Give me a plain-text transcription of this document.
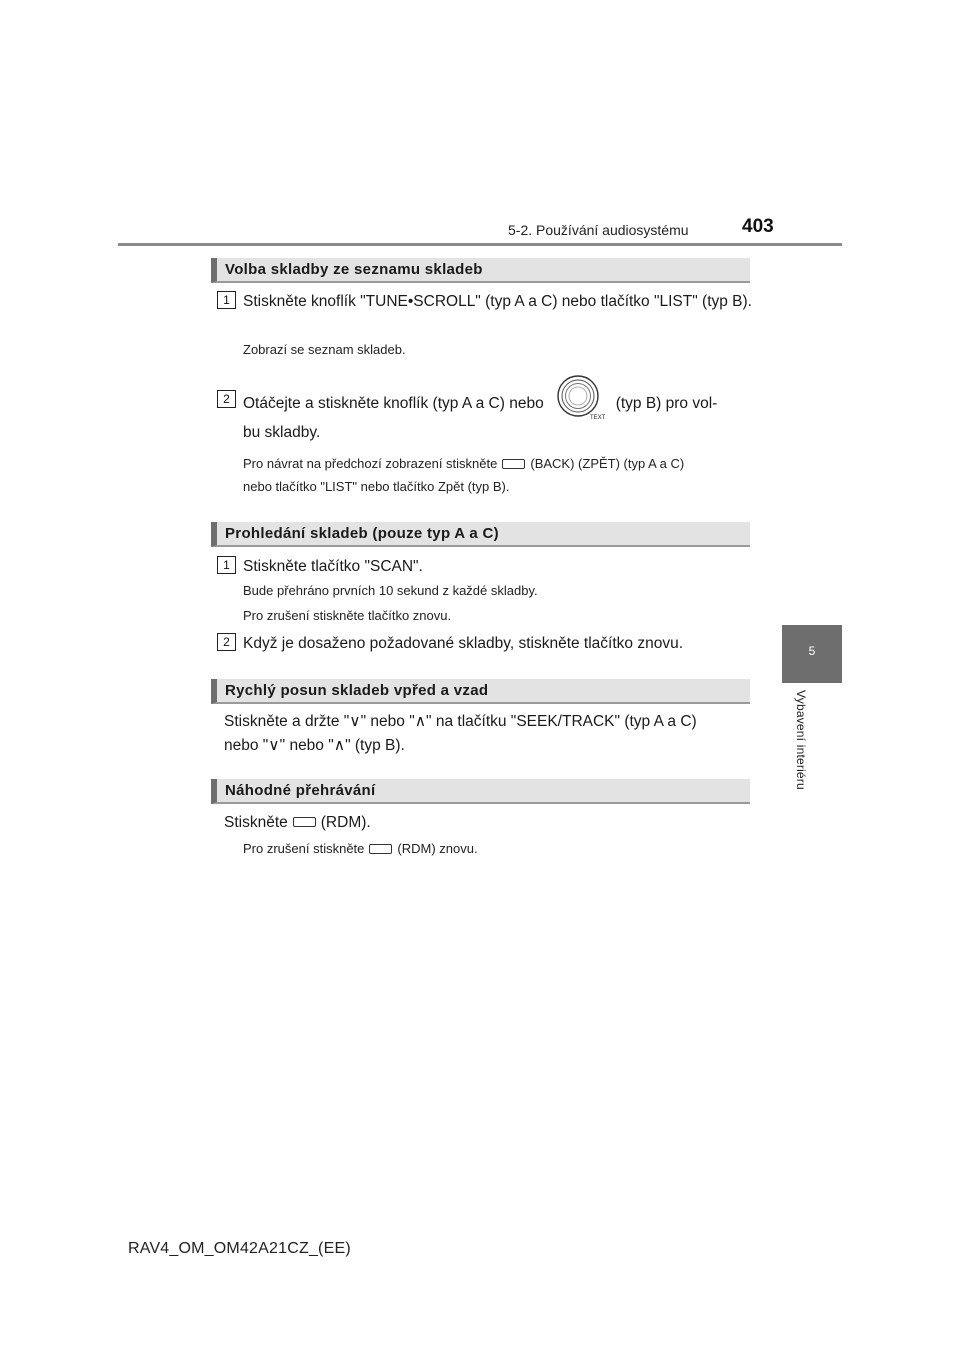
5-2. Používání audiosystému	403
5
Vybavení interiéru
Volba skladby ze seznamu skladeb
1 Stiskněte knoflík "TUNE•SCROLL" (typ A a C) nebo tlačítko "LIST" (typ B).
Zobrazí se seznam skladeb.
2 Otáčejte a stiskněte knoflík (typ A a C) nebo
TEXT
(typ B) pro vol-
bu skladby.
Pro návrat na předchozí zobrazení stiskněte	(BACK) (ZPĚT) (typ A a C)
nebo tlačítko "LIST" nebo tlačítko Zpět (typ B).
Prohledání skladeb (pouze typ A a C)
1 Stiskněte tlačítko "SCAN".
Bude přehráno prvních 10 sekund z každé skladby.
Pro zrušení stiskněte tlačítko znovu.
2 Když je dosaženo požadované skladby, stiskněte tlačítko znovu.
Rychlý posun skladeb vpřed a vzad
Stiskněte a držte "∨" nebo "∧" na tlačítku "SEEK/TRACK" (typ A a C)
nebo "∨" nebo "∧" (typ B).
Náhodné přehrávání
Stiskněte (RDM).
Pro zrušení stiskněte	(RDM) znovu.
RAV4_OM_OM42A21CZ_(EE)
